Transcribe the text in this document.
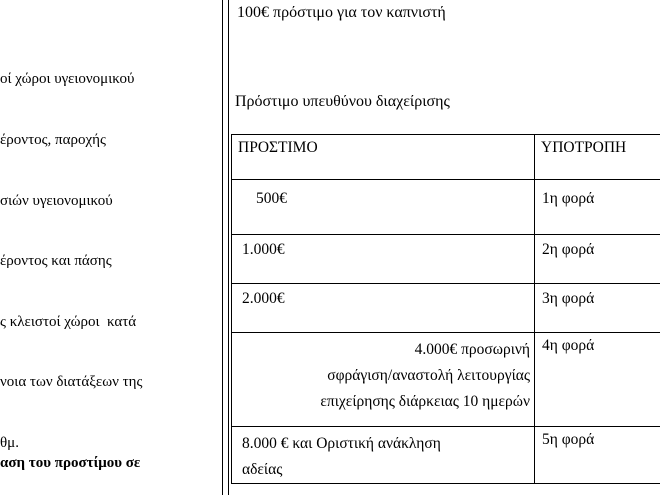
οί χώροι υγειονομικού

έροντος, παροχής

σιών υγειονομικού

έροντος και πάσης

ς κλειστοί χώροι  κατά

νοια των διατάξεων της

θμ.

αση του προστίμου σε

100€ πρόστιμο για τον καπνιστή
Πρόστιμο υπευθύνου διαχείρισης
ΠΡΟΣΤΙΜΟ	ΥΠΟΤΡΟΠΗ
500€	1η φορά
1.000€	2η φορά
2.000€	3η φορά
4.000€ προσωρινή
σφράγιση/αναστολή λειτουργίας
επιχείρησης διάρκειας 10 ημερών	4η φορά
8.000 € και Οριστική ανάκληση
αδείας	5η φορά
